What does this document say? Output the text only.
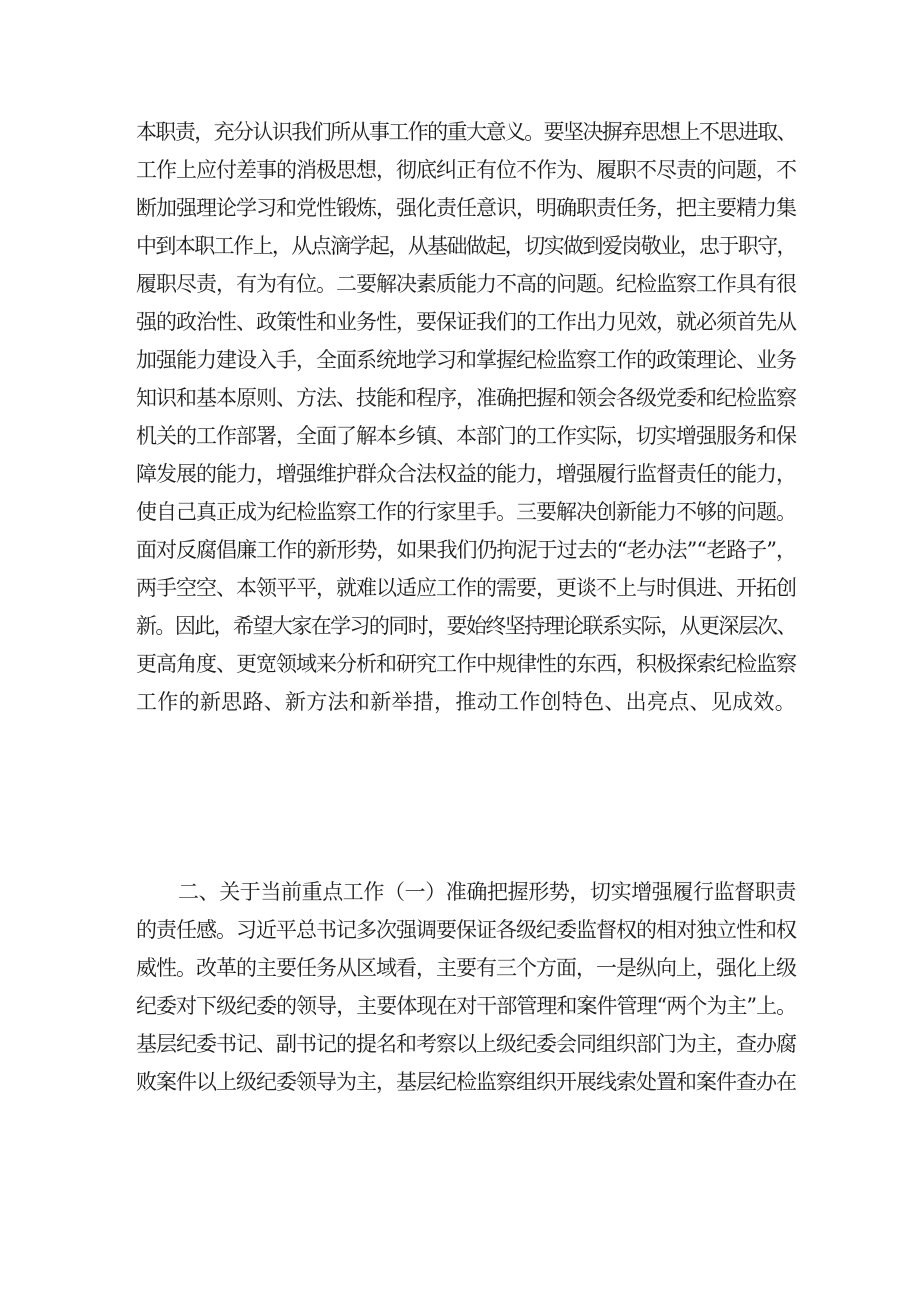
本职责，充分认识我们所从事工作的重大意义。要坚决摒弃思想上不思进取、
工作上应付差事的消极思想，彻底纠正有位不作为、履职不尽责的问题，不
断加强理论学习和党性锻炼，强化责任意识，明确职责任务，把主要精力集
中到本职工作上，从点滴学起，从基础做起，切实做到爱岗敬业，忠于职守，
履职尽责，有为有位。二要解决素质能力不高的问题。纪检监察工作具有很
强的政治性、政策性和业务性，要保证我们的工作出力见效，就必须首先从
加强能力建设入手，全面系统地学习和掌握纪检监察工作的政策理论、业务
知识和基本原则、方法、技能和程序，准确把握和领会各级党委和纪检监察
机关的工作部署，全面了解本乡镇、本部门的工作实际，切实增强服务和保
障发展的能力，增强维护群众合法权益的能力，增强履行监督责任的能力，
使自己真正成为纪检监察工作的行家里手。三要解决创新能力不够的问题。
面对反腐倡廉工作的新形势，如果我们仍拘泥于过去的“老办法”“老路子”，
两手空空、本领平平，就难以适应工作的需要，更谈不上与时俱进、开拓创
新。因此，希望大家在学习的同时，要始终坚持理论联系实际，从更深层次、
更高角度、更宽领域来分析和研究工作中规律性的东西，积极探索纪检监察
工作的新思路、新方法和新举措，推动工作创特色、出亮点、见成效。
二、关于当前重点工作（一）准确把握形势，切实增强履行监督职责
的责任感。习近平总书记多次强调要保证各级纪委监督权的相对独立性和权
威性。改革的主要任务从区域看，主要有三个方面，一是纵向上，强化上级
纪委对下级纪委的领导，主要体现在对干部管理和案件管理“两个为主”上。
基层纪委书记、副书记的提名和考察以上级纪委会同组织部门为主，查办腐
败案件以上级纪委领导为主，基层纪检监察组织开展线索处置和案件查办在
